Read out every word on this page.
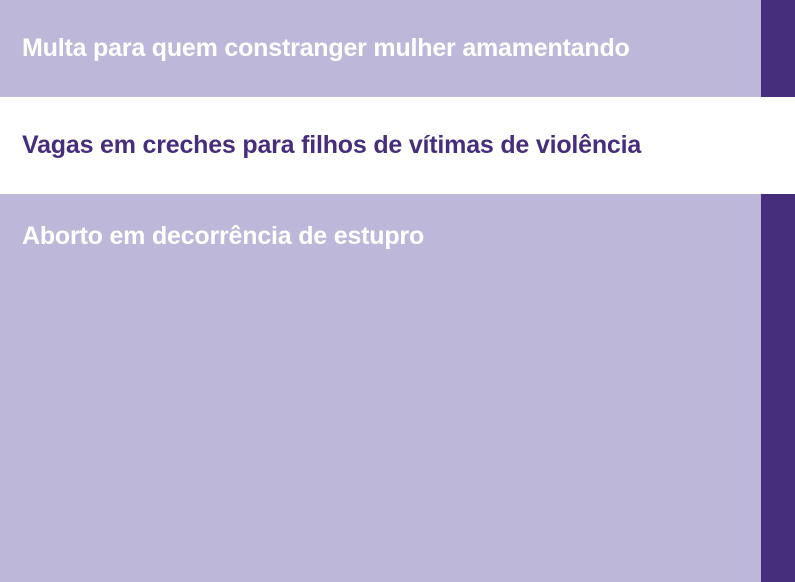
Multa para quem constranger mulher amamentando
Vagas em creches para filhos de vítimas de violência
Aborto em decorrência de estupro
